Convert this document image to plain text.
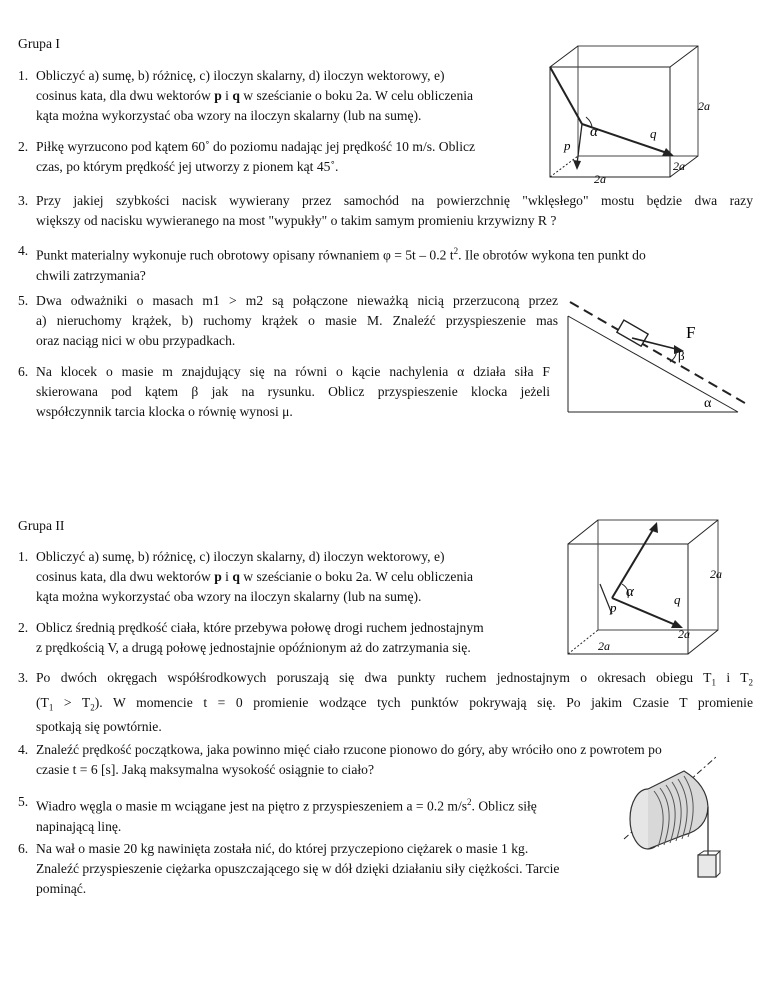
Grupa I
1. Obliczyć a) sumę, b) różnicę, c) iloczyn skalarny, d) iloczyn wektorowy, e)
cosinus kata, dla dwu wektorów p i q w sześcianie o boku 2a. W celu obliczenia
kąta można wykorzystać oba wzory na iloczyn skalarny (lub na sumę).
2. Piłkę wyrzucono pod kątem 60˚ do poziomu nadając jej prędkość 10 m/s. Oblicz
czas, po którym prędkość jej utworzy z pionem kąt 45˚.
3. Przy jakiej szybkości nacisk wywierany przez samochód na powierzchnię "wklęsłego" mostu będzie dwa razy
większy od nacisku wywieranego na most "wypukły" o takim samym promieniu krzywizny R ?
4. Punkt materialny wykonuje ruch obrotowy opisany równaniem φ = 5t – 0.2 $t^2$. Ile obrotów wykona ten punkt do
chwili zatrzymania?
5. Dwa odważniki o masach m1 > m2 są połączone nieważką nicią przerzuconą przez
a) nieruchomy krążek, b) ruchomy krążek o masie M. Znaleźć przyspieszenie mas
oraz naciąg nici w obu przypadkach.
6. Na klocek o masie m znajdujący się na równi o kącie nachylenia α działa siła F
skierowana pod kątem β jak na rysunku. Oblicz przyspieszenie klocka jeżeli
współczynnik tarcia klocka o równię wynosi μ.
α	q
p
2a
2a
2a
F
β
α
Grupa II
1. Obliczyć a) sumę, b) różnicę, c) iloczyn skalarny, d) iloczyn wektorowy, e)
cosinus kata, dla dwu wektorów p i q w sześcianie o boku 2a. W celu obliczenia
kąta można wykorzystać oba wzory na iloczyn skalarny (lub na sumę).
2. Oblicz średnią prędkość ciała, które przebywa połowę drogi ruchem jednostajnym
z prędkością V, a drugą połowę jednostajnie opóźnionym aż do zatrzymania się.
3. Po dwóch okręgach współśrodkowych poruszają się dwa punkty ruchem jednostajnym o okresach obiegu $T_1$ i $T_2$
$(T_1 > T_2)$. W momencie t = 0 promienie wodzące tych punktów pokrywają się. Po jakim Czasie T promienie
spotkają się powtórnie.
4. Znaleźć prędkość początkowa, jaka powinno mięć ciało rzucone pionowo do góry, aby wróciło ono z powrotem po
czasie t = 6 [s]. Jaką maksymalna wysokość osiągnie to ciało?
5. Wiadro węgla o masie m wciągane jest na piętro z przyspieszeniem a = 0.2 $m/s^2$. Oblicz siłę
napinającą linę.
6. Na wał o masie 20 kg nawinięta została nić, do której przyczepiono ciężarek o masie 1 kg.
Znaleźć przyspieszenie ciężarka opuszczającego się w dół dzięki działaniu siły ciężkości. Tarcie
pominąć.
α	q
p
2a
2a
2a
